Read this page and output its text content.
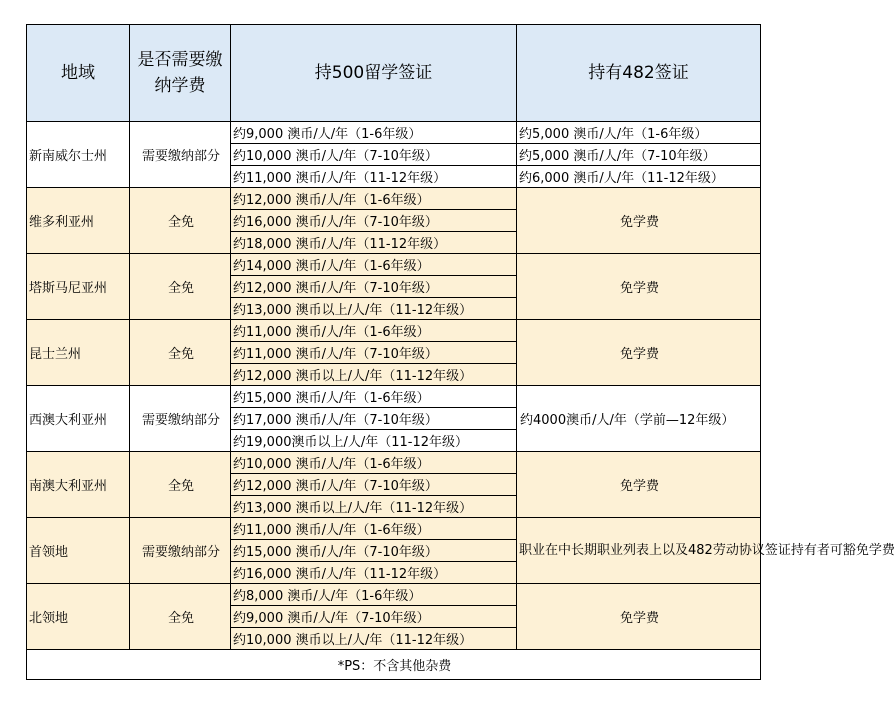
地域	是否需要缴纳学费	持500留学签证	持有482签证
新南威尔士州	需要缴纳部分	约9,000 澳币/人/年（1-6年级）	约5,000 澳币/人/年（1-6年级）
		约10,000 澳币/人/年（7-10年级）	约5,000 澳币/人/年（7-10年级）
		约11,000 澳币/人/年（11-12年级）	约6,000 澳币/人/年（11-12年级）
维多利亚州	全免	约12,000 澳币/人/年（1-6年级）	免学费
		约16,000 澳币/人/年（7-10年级）	
		约18,000 澳币/人/年（11-12年级）	
塔斯马尼亚州	全免	约14,000 澳币/人/年（1-6年级）	免学费
		约12,000 澳币/人/年（7-10年级）	
		约13,000 澳币以上/人/年（11-12年级）	
昆士兰州	全免	约11,000 澳币/人/年（1-6年级）	免学费
		约11,000 澳币/人/年（7-10年级）	
		约12,000 澳币以上/人/年（11-12年级）	
西澳大利亚州	需要缴纳部分	约15,000 澳币/人/年（1-6年级）	约4000澳币/人/年（学前—12年级）
		约17,000 澳币/人/年（7-10年级）	
		约19,000澳币以上/人/年（11-12年级）	
南澳大利亚州	全免	约10,000 澳币/人/年（1-6年级）	免学费
		约12,000 澳币/人/年（7-10年级）	
		约13,000 澳币以上/人/年（11-12年级）	
首领地	需要缴纳部分	约11,000 澳币/人/年（1-6年级）	职业在中长期职业列表上以及482劳动协议签证持有者可豁免学费
		约15,000 澳币/人/年（7-10年级）	
		约16,000 澳币/人/年（11-12年级）	
北领地	全免	约8,000 澳币/人/年（1-6年级）	免学费
		约9,000 澳币/人/年（7-10年级）	
		约10,000 澳币以上/人/年（11-12年级）	
*PS：不含其他杂费			
